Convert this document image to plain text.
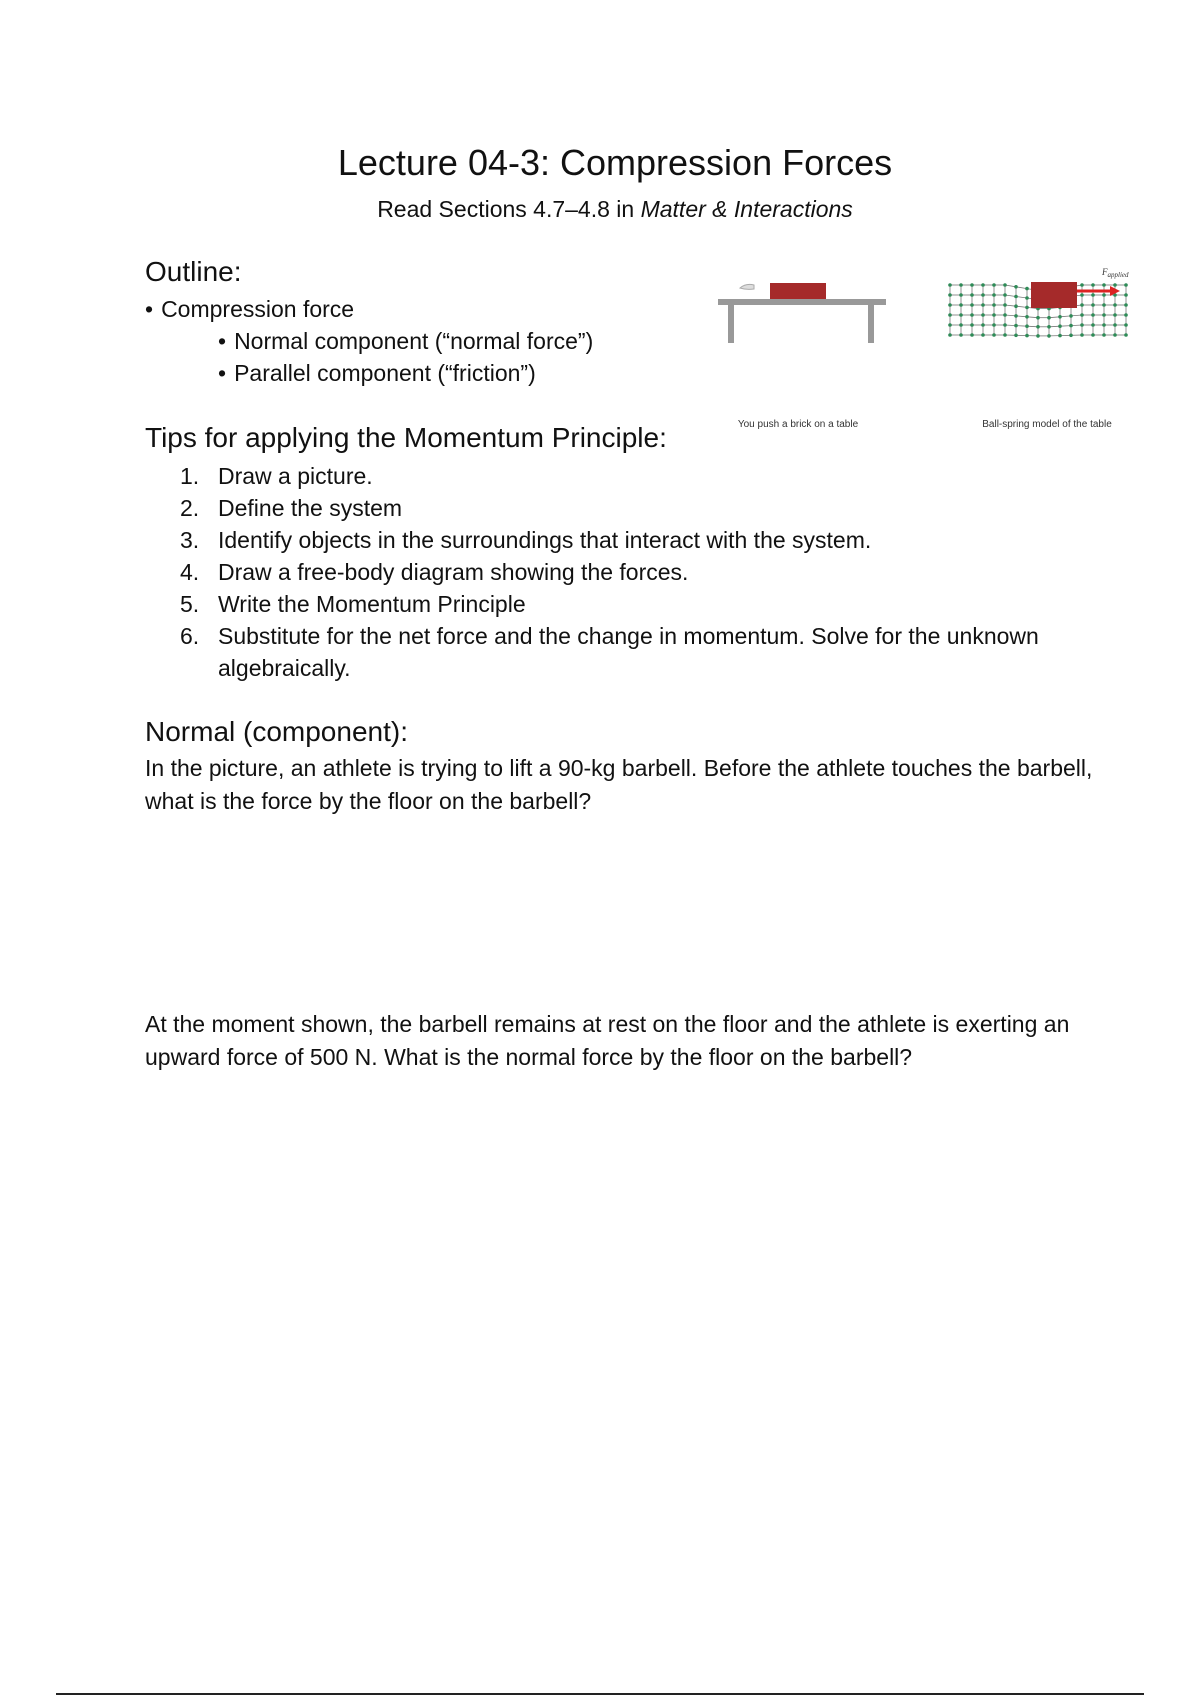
Lecture 04-3: Compression Forces
Read Sections 4.7–4.8 in Matter & Interactions
Outline:
• Compression force
• Normal component (“normal force”)
• Parallel component (“friction”)
You push a brick on a table
$F_{applied}$
Ball-spring model of the table
Tips for applying the Momentum Principle:
1. Draw a picture.
2. Define the system
3. Identify objects in the surroundings that interact with the system.
4. Draw a free-body diagram showing the forces.
5. Write the Momentum Principle
6. Substitute for the net force and the change in momentum. Solve for the unknown algebraically.
Normal (component):

In the picture, an athlete is trying to lift a 90-kg barbell. Before the athlete touches the barbell, what is the force by the floor on the barbell?

At the moment shown, the barbell remains at rest on the floor and the athlete is exerting an upward force of 500 N. What is the normal force by the floor on the barbell?
